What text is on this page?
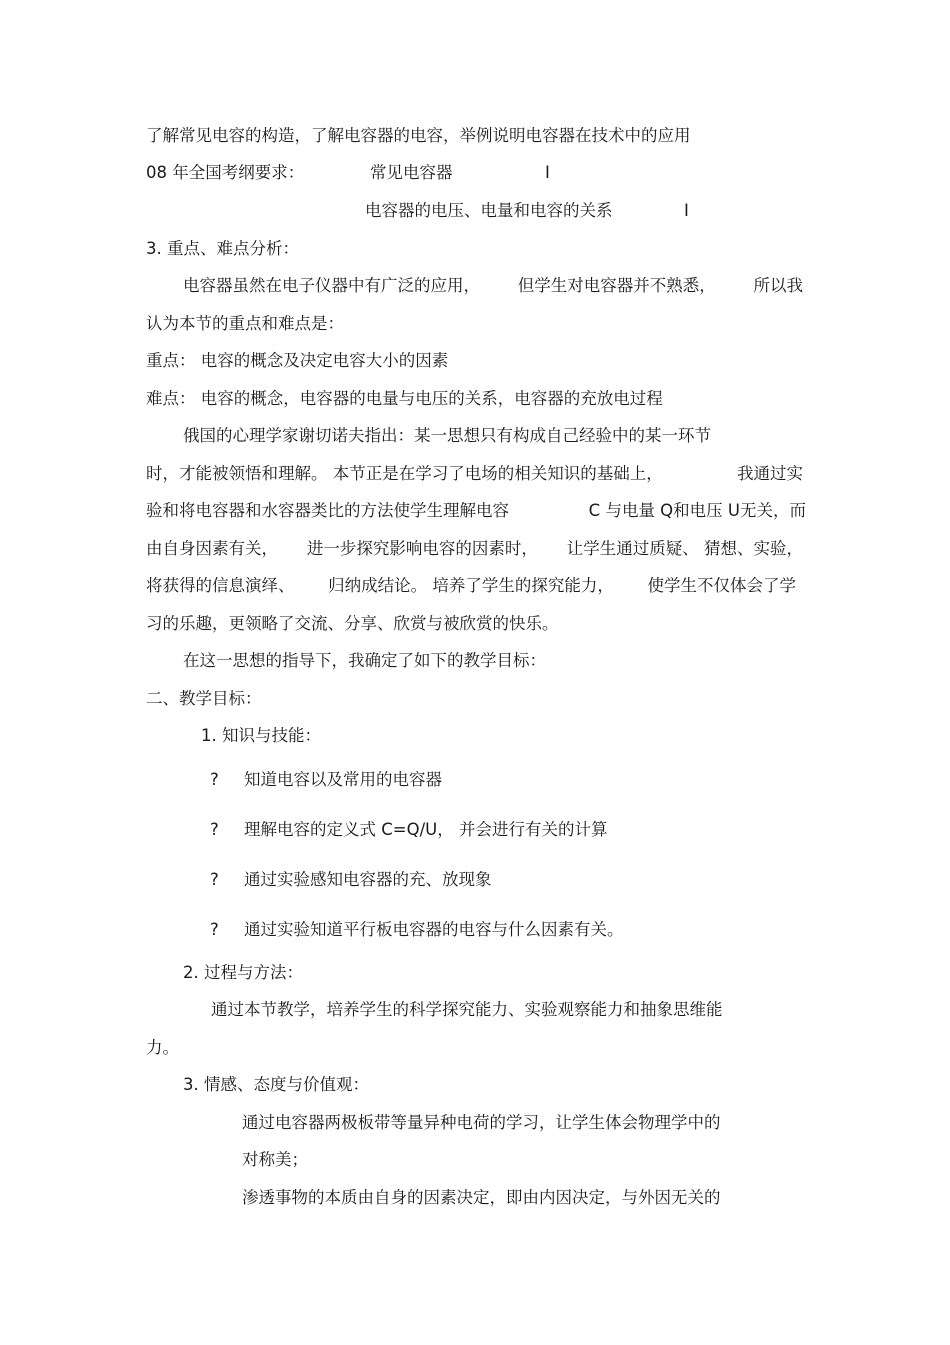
了解常见电容的构造，了解电容器的电容，举例说明电容器在技术中的应用
08 年全国考纲要求：	常见电容器	Ⅰ
电容器的电压、电量和电容的关系	Ⅰ
3. 重点、难点分析：
电容器虽然在电子仪器中有广泛的应用， 但学生对电容器并不熟悉， 所以我
认为本节的重点和难点是：
重点： 电容的概念及决定电容大小的因素
难点： 电容的概念，电容器的电量与电压的关系，电容器的充放电过程
俄国的心理学家谢切诺夫指出：某一思想只有构成自己经验中的某一环节
时，才能被领悟和理解。 本节正是在学习了电场的相关知识的基础上，	我通过实
验和将电容器和水容器类比的方法使学生理解电容	C 与电量 Q和电压 U无关，而
由自身因素有关， 进一步探究影响电容的因素时， 让学生通过质疑、 猜想、实验，
将获得的信息演绎、 归纳成结论。 培养了学生的探究能力， 使学生不仅体会了学
习的乐趣，更领略了交流、分享、欣赏与被欣赏的快乐。
在这一思想的指导下，我确定了如下的教学目标：
二、教学目标：
1. 知识与技能：
? 知道电容以及常用的电容器
? 理解电容的定义式 C=Q/U， 并会进行有关的计算
? 通过实验感知电容器的充、放现象
? 通过实验知道平行板电容器的电容与什么因素有关。
2. 过程与方法：
通过本节教学，培养学生的科学探究能力、实验观察能力和抽象思维能
力。
3. 情感、态度与价值观：
通过电容器两极板带等量异种电荷的学习，让学生体会物理学中的
对称美；
渗透事物的本质由自身的因素决定，即由内因决定，与外因无关的
